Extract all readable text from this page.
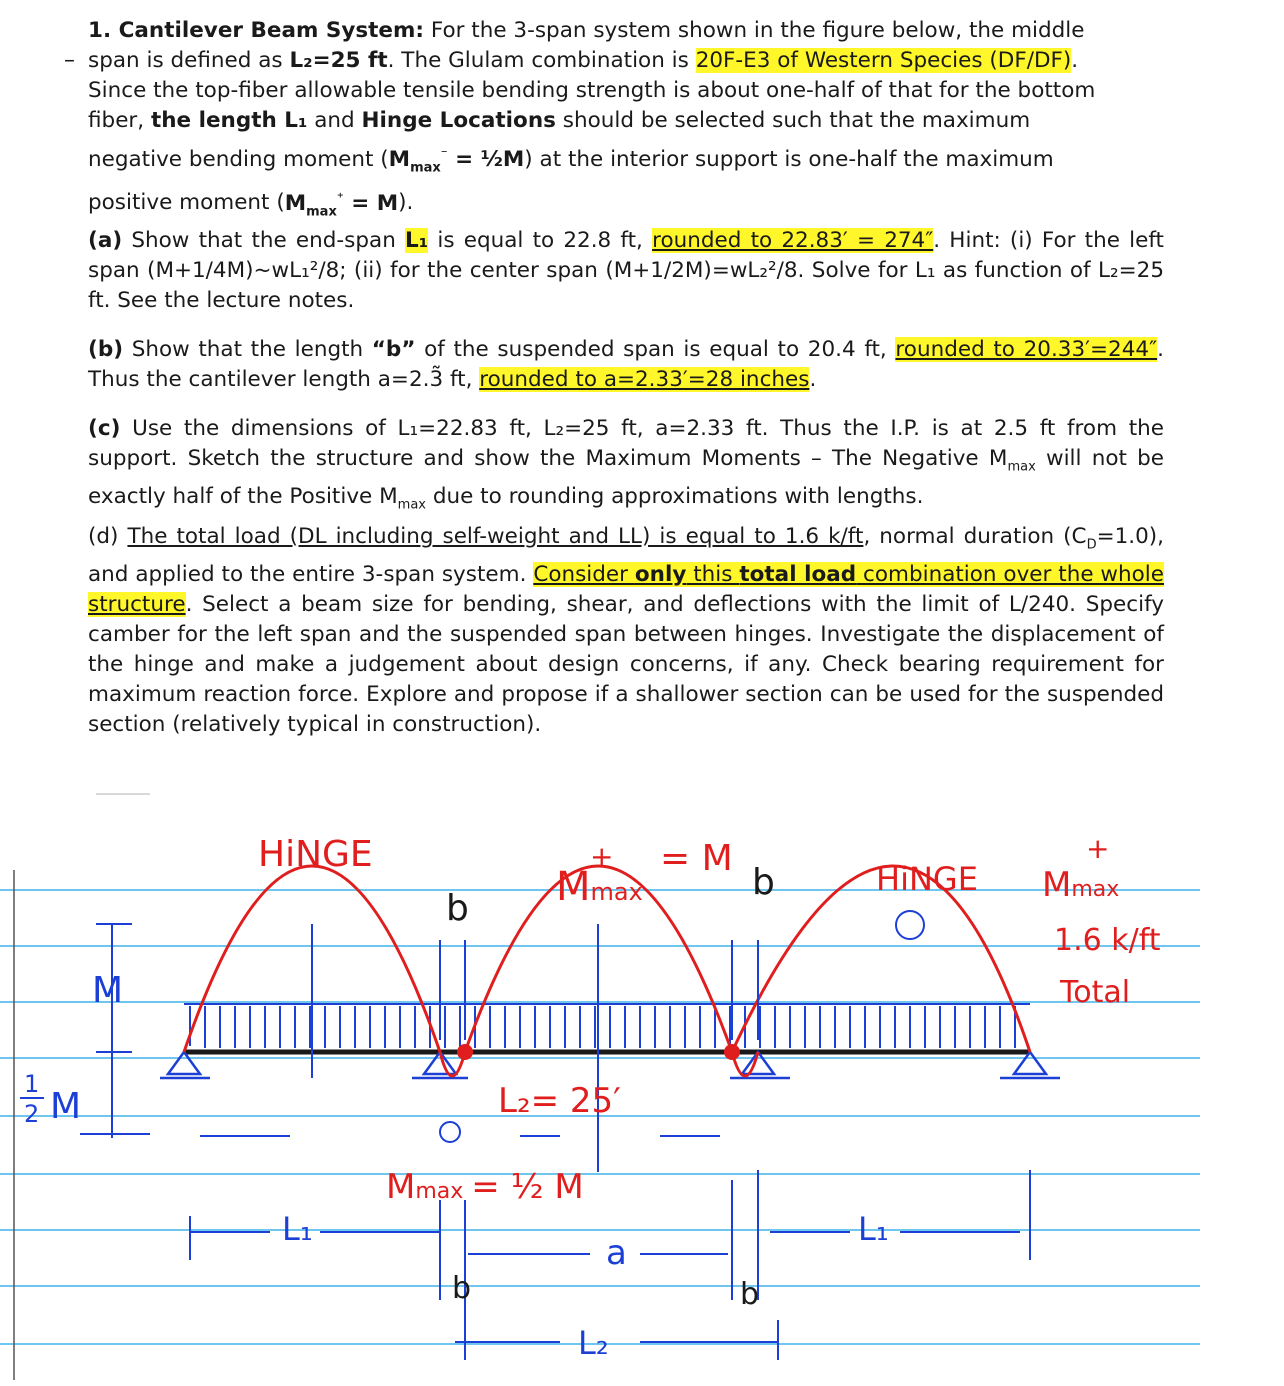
–

1. Cantilever Beam System: For the 3-span system shown in the figure below, the middle
span is defined as L₂=25 ft. The Glulam combination is 20F-E3 of Western Species (DF/DF).
Since the top-fiber allowable tensile bending strength is about one-half of that for the bottom
fiber, the length L₁ and Hinge Locations should be selected such that the maximum
negative bending moment ($M_{max}^{^-}$ = ½M) at the interior support is one-half the maximum
positive moment $(M_{max}^{^+} = M)$.

(a) Show that the end-span L₁ is equal to 22.8 ft, rounded to 22.83′ = 274″. Hint: (i) For the left span (M+1/4M)~wL₁²/8; (ii) for the center span (M+1/2M)=wL₂²/8. Solve for L₁ as function of L₂=25 ft. See the lecture notes.

(b) Show that the length “b” of the suspended span is equal to 20.4 ft, rounded to 20.33′=244″. Thus the cantilever length a=2.3̃ ft, rounded to a=2.33′=28 inches.

(c) Use the dimensions of L₁=22.83 ft, L₂=25 ft, a=2.33 ft. Thus the I.P. is at 2.5 ft from the support. Sketch the structure and show the Maximum Moments – The Negative $M_{max}$ will not be exactly half of the Positive $M_{max}$ due to rounding approximations with lengths.

(d) The total load (DL including self-weight and LL) is equal to 1.6 k/ft, normal duration $(C_D=1.0)$, and applied to the entire 3-span system. Consider only this total load combination over the whole structure. Select a beam size for bending, shear, and deflections with the limit of L/240. Specify camber for the left span and the suspended span between hinges. Investigate the displacement of the hinge and make a judgement about design concerns, if any. Check bearing requirement for maximum reaction force. Explore and propose if a shallower section can be used for the suspended section (relatively typical in construction).

HiNGE
HiNGE
b
b
Mmax
+ = M
Mmax
+
1.6 k/ft
Total
M
1
2 M	L₂= 25′
Mmax = ½ M
L₁	L₁
a
b	b
L₂
